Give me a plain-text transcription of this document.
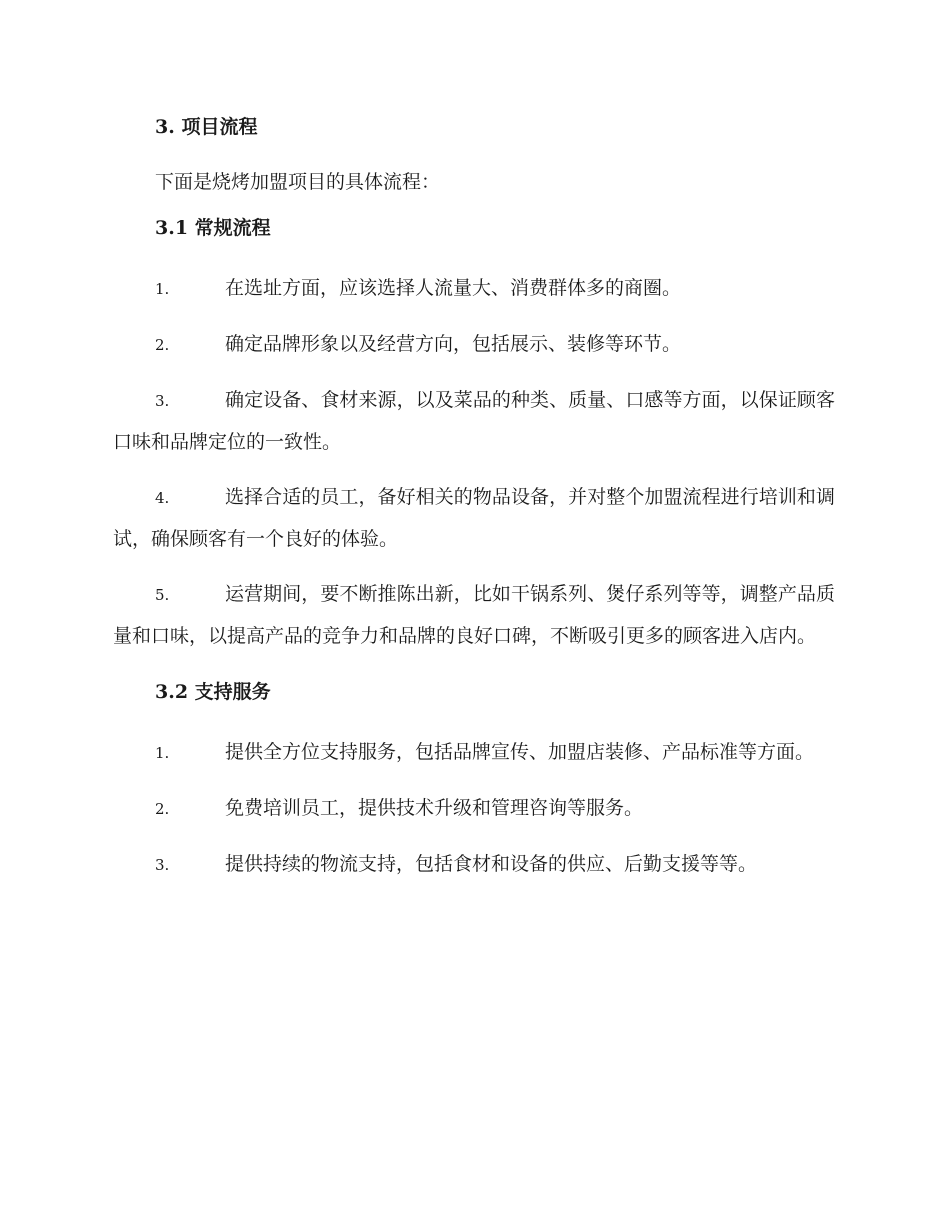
3. 项目流程

下面是烧烤加盟项目的具体流程：

3.1 常规流程

1.	在选址方面，应该选择人流量大、消费群体多的商圈。

2.	确定品牌形象以及经营方向，包括展示、装修等环节。

3.	确定设备、食材来源，以及菜品的种类、质量、口感等方面，以保证顾客口味和品牌定位的一致性。

4.	选择合适的员工，备好相关的物品设备，并对整个加盟流程进行培训和调试，确保顾客有一个良好的体验。

5.	运营期间，要不断推陈出新，比如干锅系列、煲仔系列等等，调整产品质量和口味，以提高产品的竞争力和品牌的良好口碑，不断吸引更多的顾客进入店内。

3.2 支持服务

1.	提供全方位支持服务，包括品牌宣传、加盟店装修、产品标准等方面。

2.	免费培训员工，提供技术升级和管理咨询等服务。

3.	提供持续的物流支持，包括食材和设备的供应、后勤支援等等。
